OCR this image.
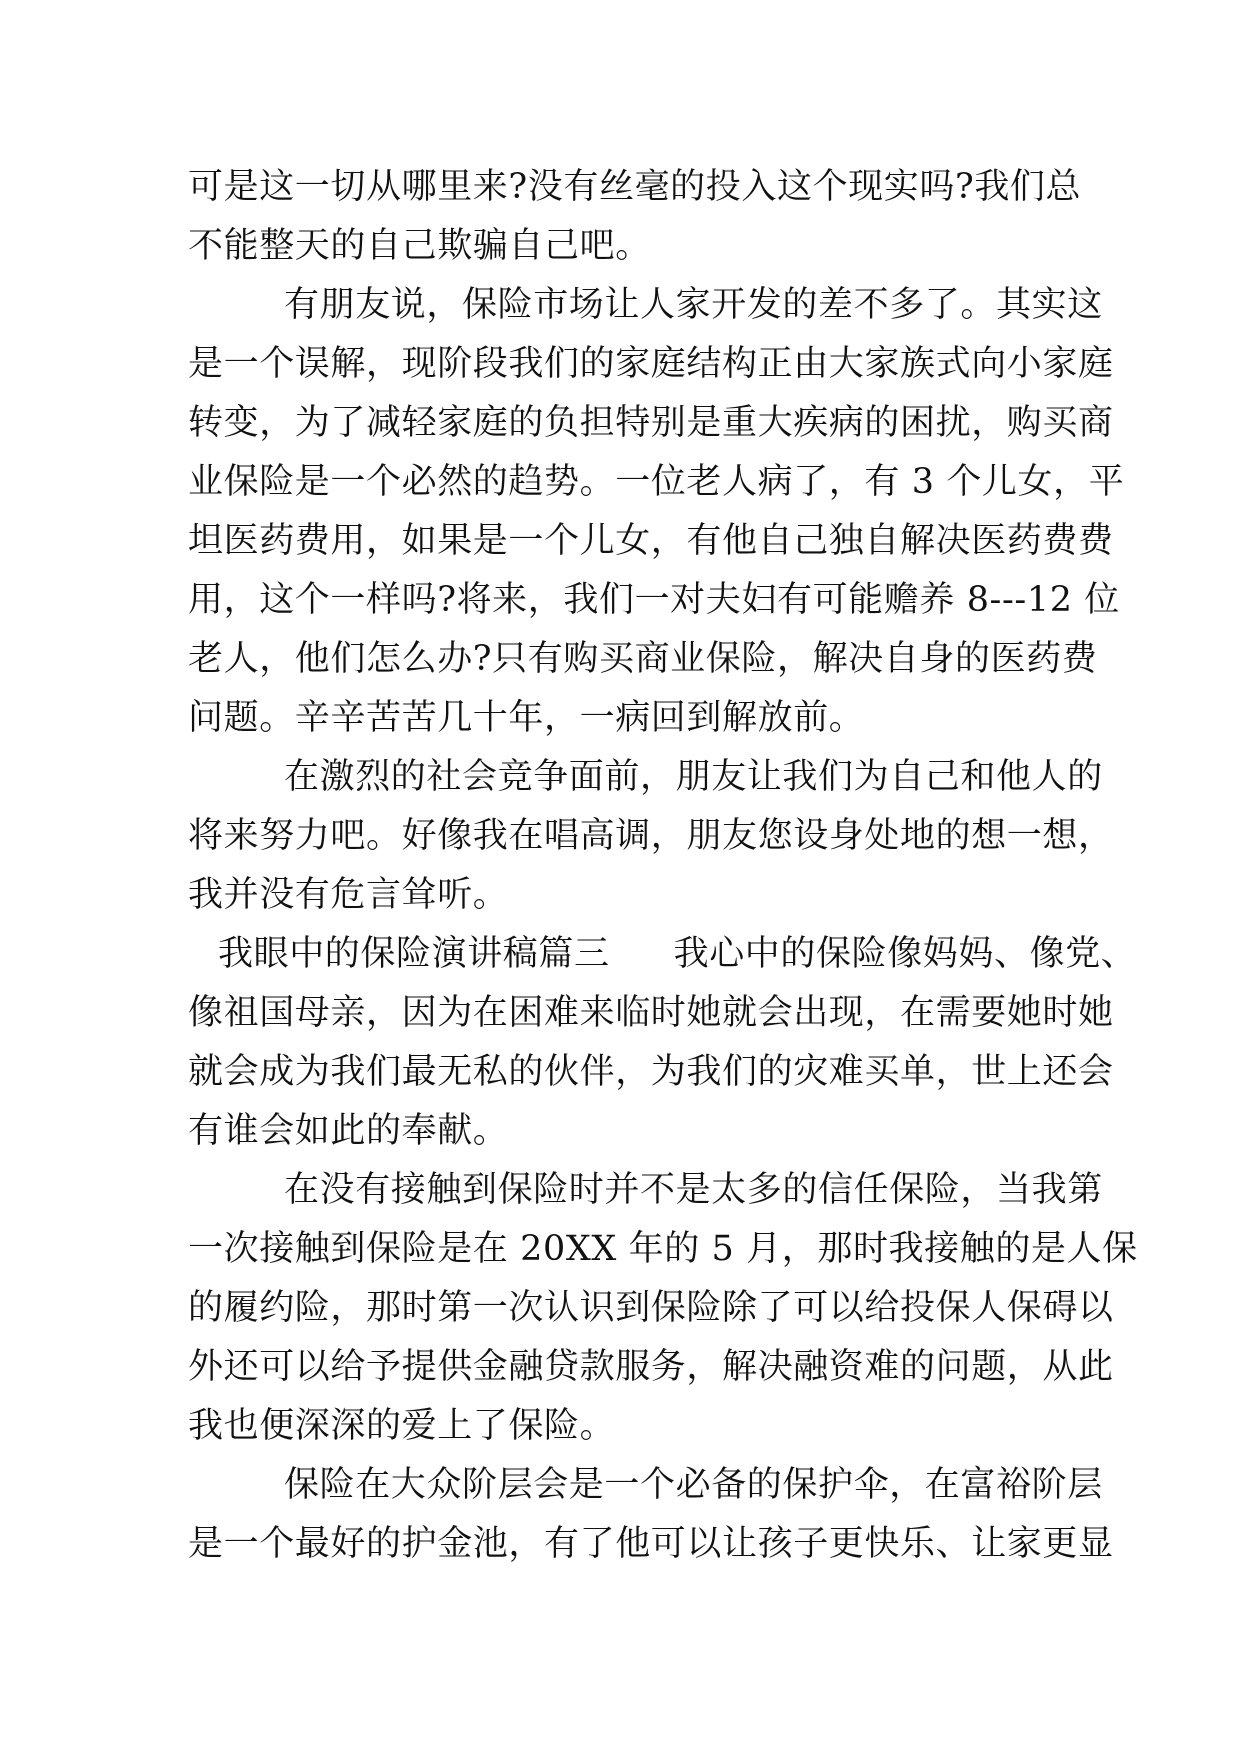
可是这一切从哪里来?没有丝毫的投入这个现实吗?我们总
不能整天的自己欺骗自己吧。
有朋友说，保险市场让人家开发的差不多了。其实这
是一个误解，现阶段我们的家庭结构正由大家族式向小家庭
转变，为了减轻家庭的负担特别是重大疾病的困扰，购买商
业保险是一个必然的趋势。一位老人病了，有 3 个儿女，平
坦医药费用，如果是一个儿女，有他自己独自解决医药费费
用，这个一样吗?将来，我们一对夫妇有可能赡养 8---12 位
老人，他们怎么办?只有购买商业保险，解决自身的医药费
问题。辛辛苦苦几十年，一病回到解放前。
在激烈的社会竞争面前，朋友让我们为自己和他人的
将来努力吧。好像我在唱高调，朋友您设身处地的想一想，
我并没有危言耸听。
我眼中的保险演讲稿篇三 我心中的保险像妈妈、像党、
像祖国母亲，因为在困难来临时她就会出现，在需要她时她
就会成为我们最无私的伙伴，为我们的灾难买单，世上还会
有谁会如此的奉献。
在没有接触到保险时并不是太多的信任保险，当我第
一次接触到保险是在 20XX 年的 5 月，那时我接触的是人保
的履约险，那时第一次认识到保险除了可以给投保人保碍以
外还可以给予提供金融贷款服务，解决融资难的问题，从此
我也便深深的爱上了保险。
保险在大众阶层会是一个必备的保护伞，在富裕阶层
是一个最好的护金池，有了他可以让孩子更快乐、让家更显
